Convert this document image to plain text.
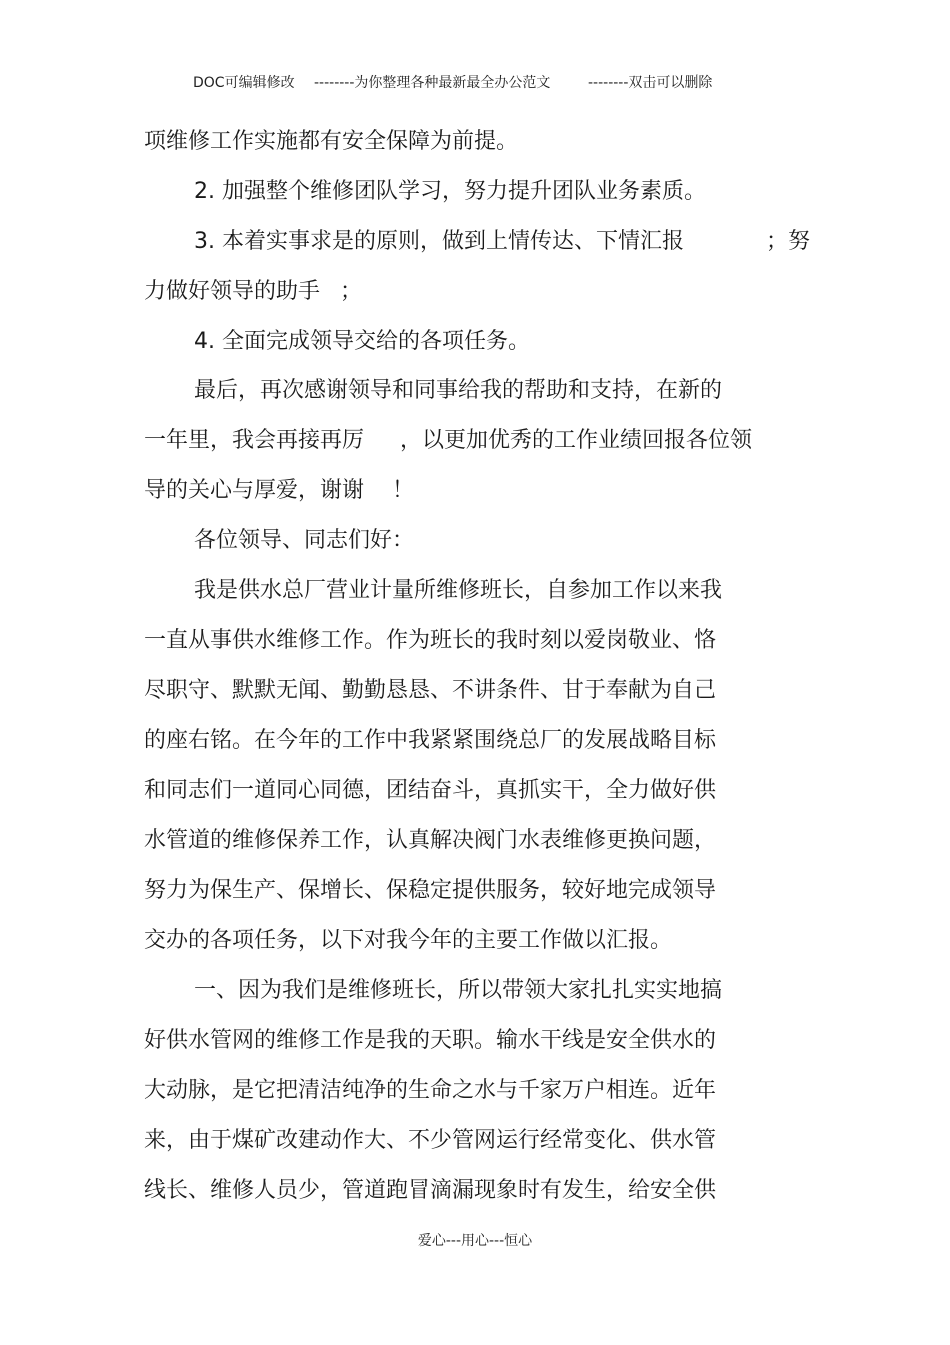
DOC可编辑修改 --------为你整理各种最新最全办公范文	--------双击可以删除
项维修工作实施都有安全保障为前提。
2. 加强整个维修团队学习，努力提升团队业务素质。
3. 本着实事求是的原则，做到上情传达、下情汇报	；努
力做好领导的助手 ；
4. 全面完成领导交给的各项任务。
最后，再次感谢领导和同事给我的帮助和支持，在新的
一年里，我会再接再厉 ，以更加优秀的工作业绩回报各位领
导的关心与厚爱，谢谢 ！
各位领导、同志们好：
我是供水总厂营业计量所维修班长，自参加工作以来我
一直从事供水维修工作。作为班长的我时刻以爱岗敬业、恪
尽职守、默默无闻、勤勤恳恳、不讲条件、甘于奉献为自己
的座右铭。在今年的工作中我紧紧围绕总厂的发展战略目标
和同志们一道同心同德，团结奋斗，真抓实干，全力做好供
水管道的维修保养工作，认真解决阀门水表维修更换问题，
努力为保生产、保增长、保稳定提供服务，较好地完成领导
交办的各项任务，以下对我今年的主要工作做以汇报。
一、因为我们是维修班长，所以带领大家扎扎实实地搞
好供水管网的维修工作是我的天职。输水干线是安全供水的
大动脉，是它把清洁纯净的生命之水与千家万户相连。近年
来，由于煤矿改建动作大、不少管网运行经常变化、供水管
线长、维修人员少，管道跑冒滴漏现象时有发生，给安全供
爱心---用心---恒心
